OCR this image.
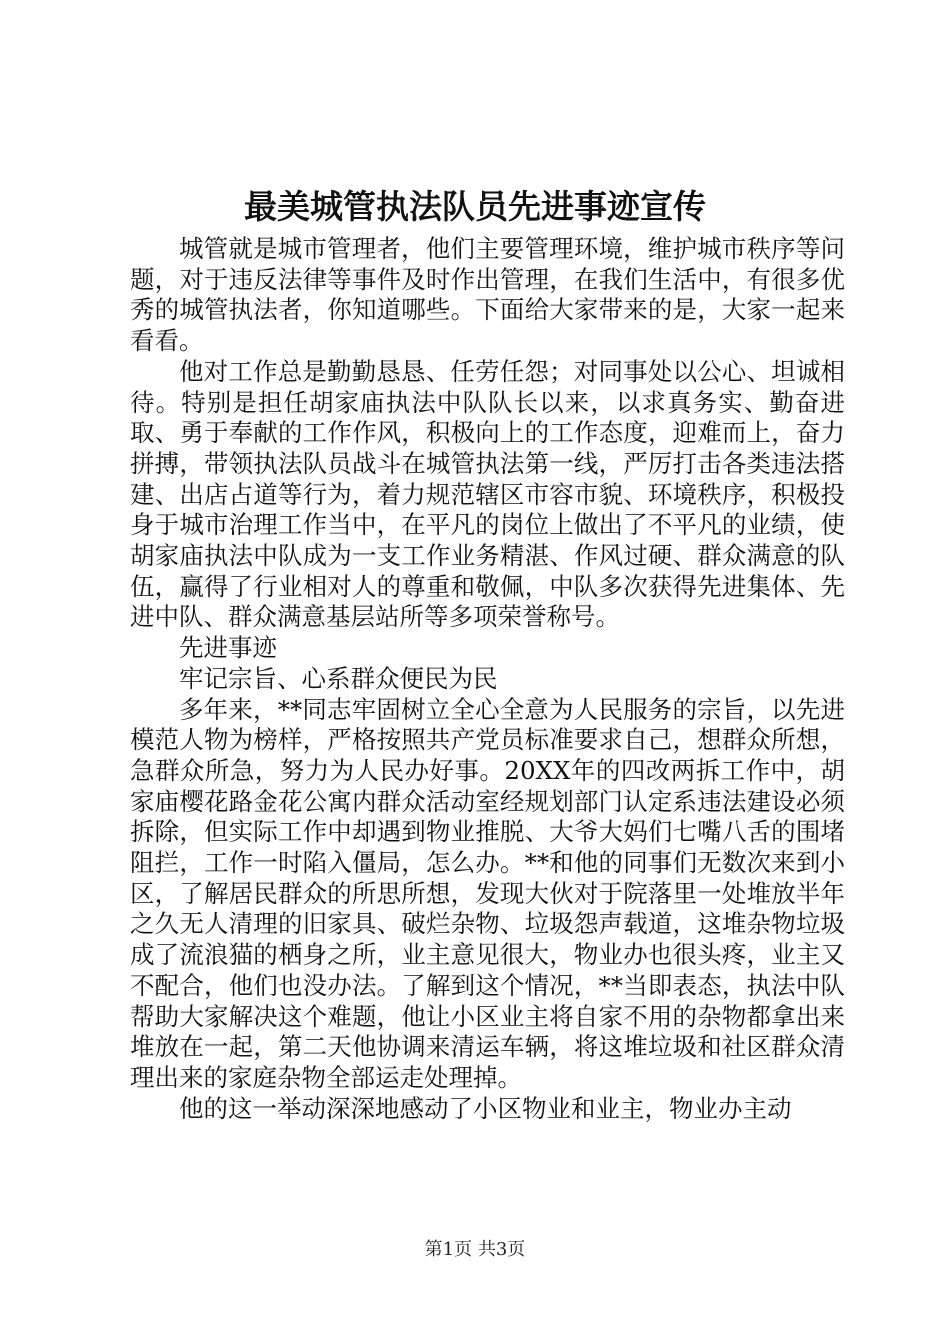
最美城管执法队员先进事迹宣传

城管就是城市管理者，他们主要管理环境，维护城市秩序等问题，对于违反法律等事件及时作出管理，在我们生活中，有很多优秀的城管执法者，你知道哪些。下面给大家带来的是，大家一起来看看。

他对工作总是勤勤恳恳、任劳任怨；对同事处以公心、坦诚相待。特别是担任胡家庙执法中队队长以来，以求真务实、勤奋进取、勇于奉献的工作作风，积极向上的工作态度，迎难而上，奋力拼搏，带领执法队员战斗在城管执法第一线，严厉打击各类违法搭建、出店占道等行为，着力规范辖区市容市貌、环境秩序，积极投身于城市治理工作当中，在平凡的岗位上做出了不平凡的业绩，使胡家庙执法中队成为一支工作业务精湛、作风过硬、群众满意的队伍，赢得了行业相对人的尊重和敬佩，中队多次获得先进集体、先进中队、群众满意基层站所等多项荣誉称号。

先进事迹

牢记宗旨、心系群众便民为民

多年来，**同志牢固树立全心全意为人民服务的宗旨，以先进模范人物为榜样，严格按照共产党员标准要求自己，想群众所想，急群众所急，努力为人民办好事。20XX年的四改两拆工作中，胡家庙樱花路金花公寓内群众活动室经规划部门认定系违法建设必须拆除，但实际工作中却遇到物业推脱、大爷大妈们七嘴八舌的围堵阻拦，工作一时陷入僵局，怎么办。**和他的同事们无数次来到小区，了解居民群众的所思所想，发现大伙对于院落里一处堆放半年之久无人清理的旧家具、破烂杂物、垃圾怨声载道，这堆杂物垃圾成了流浪猫的栖身之所，业主意见很大，物业办也很头疼，业主又不配合，他们也没办法。了解到这个情况，**当即表态，执法中队帮助大家解决这个难题，他让小区业主将自家不用的杂物都拿出来堆放在一起，第二天他协调来清运车辆，将这堆垃圾和社区群众清理出来的家庭杂物全部运走处理掉。

他的这一举动深深地感动了小区物业和业主，物业办主动

第1页 共3页
